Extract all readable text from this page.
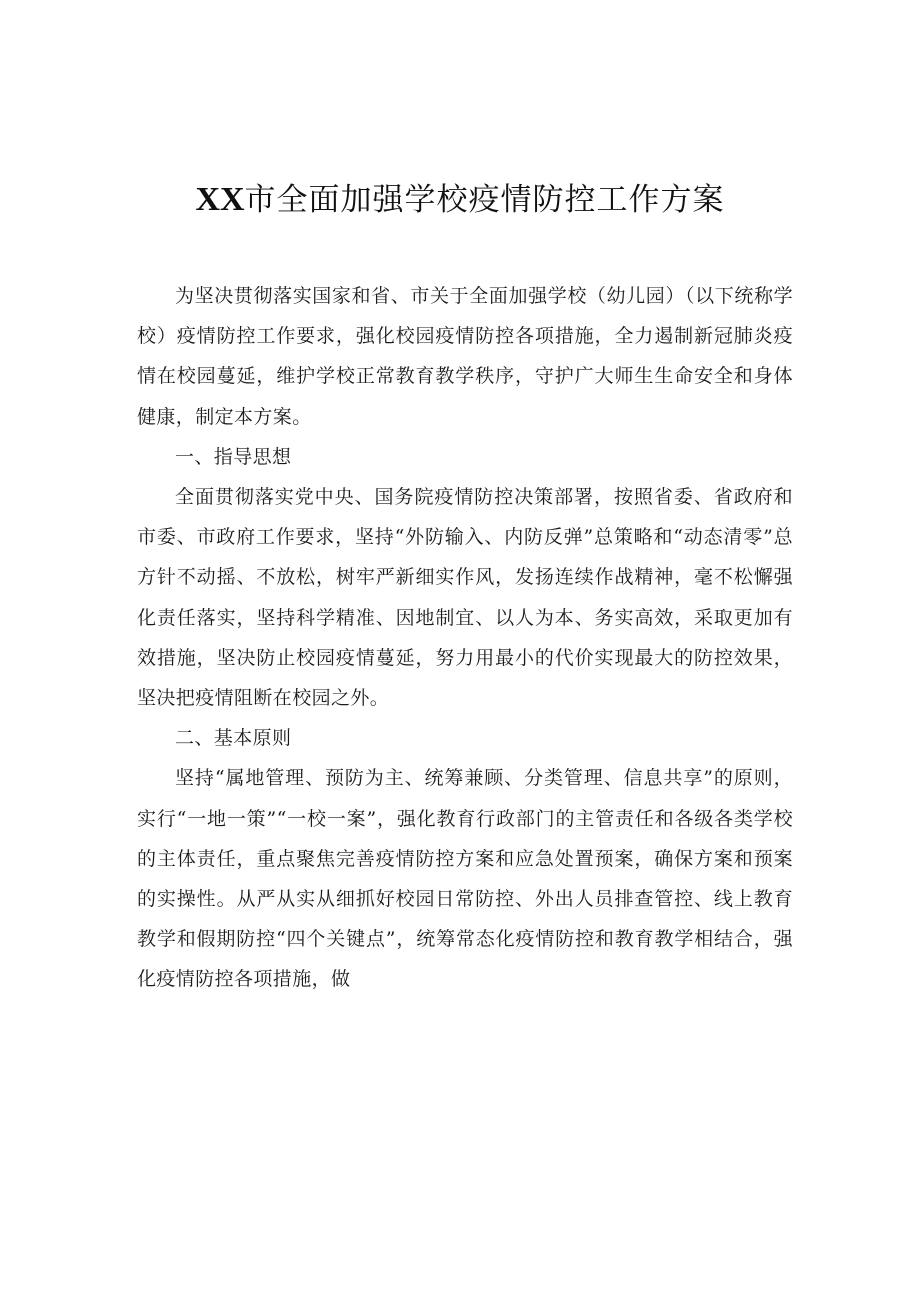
XX市全面加强学校疫情防控工作方案

为坚决贯彻落实国家和省、市关于全面加强学校（幼儿园）（以下统称学校）疫情防控工作要求，强化校园疫情防控各项措施，全力遏制新冠肺炎疫情在校园蔓延，维护学校正常教育教学秩序，守护广大师生生命安全和身体健康，制定本方案。

一、指导思想

全面贯彻落实党中央、国务院疫情防控决策部署，按照省委、省政府和市委、市政府工作要求，坚持“外防输入、内防反弹”总策略和“动态清零”总方针不动摇、不放松，树牢严新细实作风，发扬连续作战精神，毫不松懈强化责任落实，坚持科学精准、因地制宜、以人为本、务实高效，采取更加有效措施，坚决防止校园疫情蔓延，努力用最小的代价实现最大的防控效果，坚决把疫情阻断在校园之外。

二、基本原则

坚持“属地管理、预防为主、统筹兼顾、分类管理、信息共享”的原则，实行“一地一策”“一校一案”，强化教育行政部门的主管责任和各级各类学校的主体责任，重点聚焦完善疫情防控方案和应急处置预案，确保方案和预案的实操性。从严从实从细抓好校园日常防控、外出人员排查管控、线上教育教学和假期防控“四个关键点”，统筹常态化疫情防控和教育教学相结合，强化疫情防控各项措施，做
